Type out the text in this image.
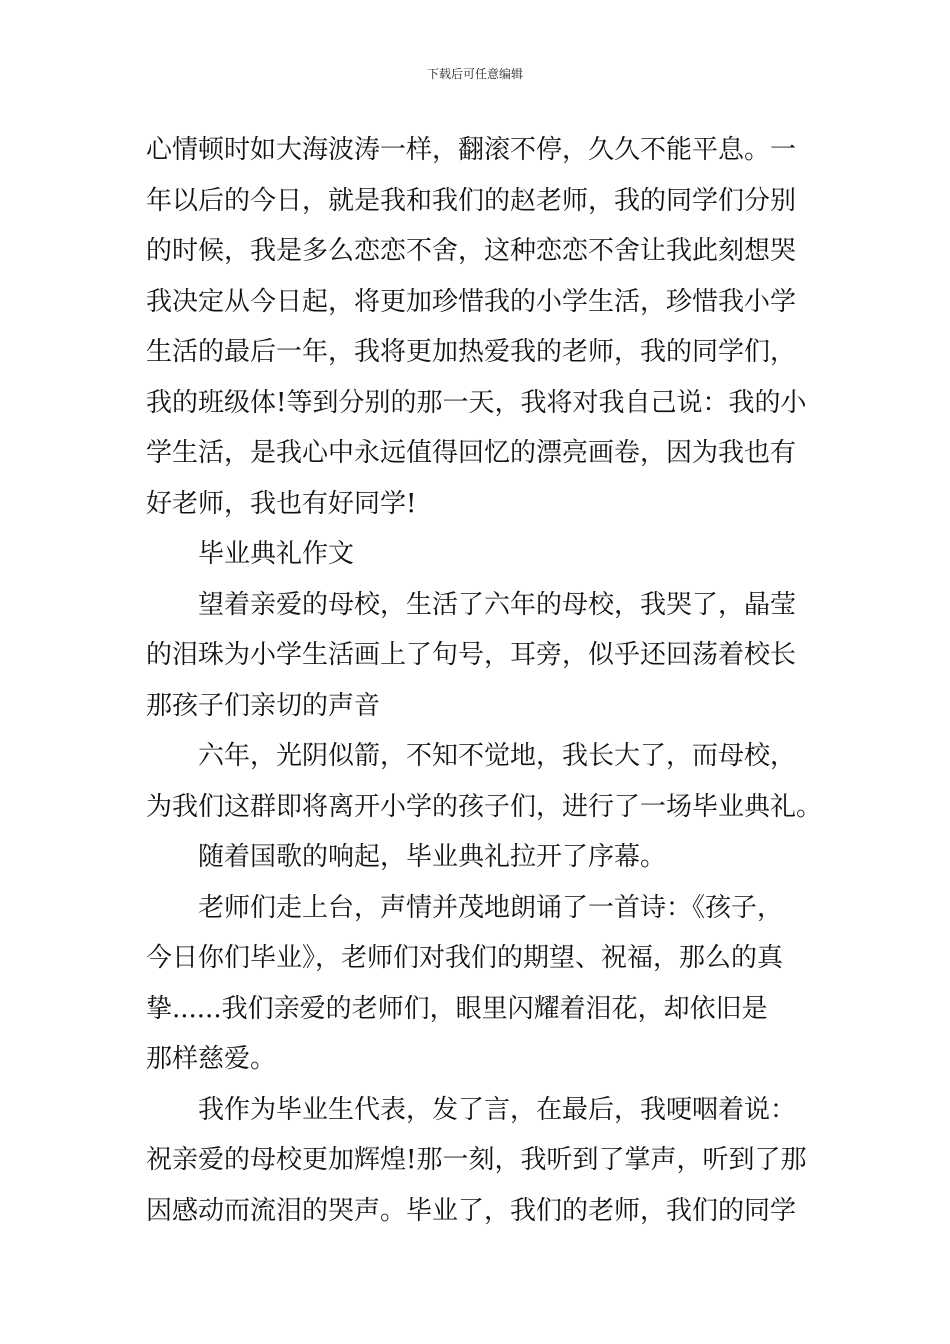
下载后可任意编辑
心情顿时如大海波涛一样，翻滚不停，久久不能平息。一
年以后的今日，就是我和我们的赵老师，我的同学们分别
的时候，我是多么恋恋不舍，这种恋恋不舍让我此刻想哭
我决定从今日起，将更加珍惜我的小学生活，珍惜我小学
生活的最后一年，我将更加热爱我的老师，我的同学们，
我的班级体!等到分别的那一天，我将对我自己说：我的小
学生活，是我心中永远值得回忆的漂亮画卷，因为我也有
好老师，我也有好同学!
毕业典礼作文
望着亲爱的母校，生活了六年的母校，我哭了，晶莹
的泪珠为小学生活画上了句号，耳旁，似乎还回荡着校长
那孩子们亲切的声音
六年，光阴似箭，不知不觉地，我长大了，而母校，
为我们这群即将离开小学的孩子们，进行了一场毕业典礼。
随着国歌的响起，毕业典礼拉开了序幕。
老师们走上台，声情并茂地朗诵了一首诗：《孩子，
今日你们毕业》，老师们对我们的期望、祝福，那么的真
挚......我们亲爱的老师们，眼里闪耀着泪花，却依旧是
那样慈爱。
我作为毕业生代表，发了言，在最后，我哽咽着说：
祝亲爱的母校更加辉煌!那一刻，我听到了掌声，听到了那
因感动而流泪的哭声。毕业了，我们的老师，我们的同学
